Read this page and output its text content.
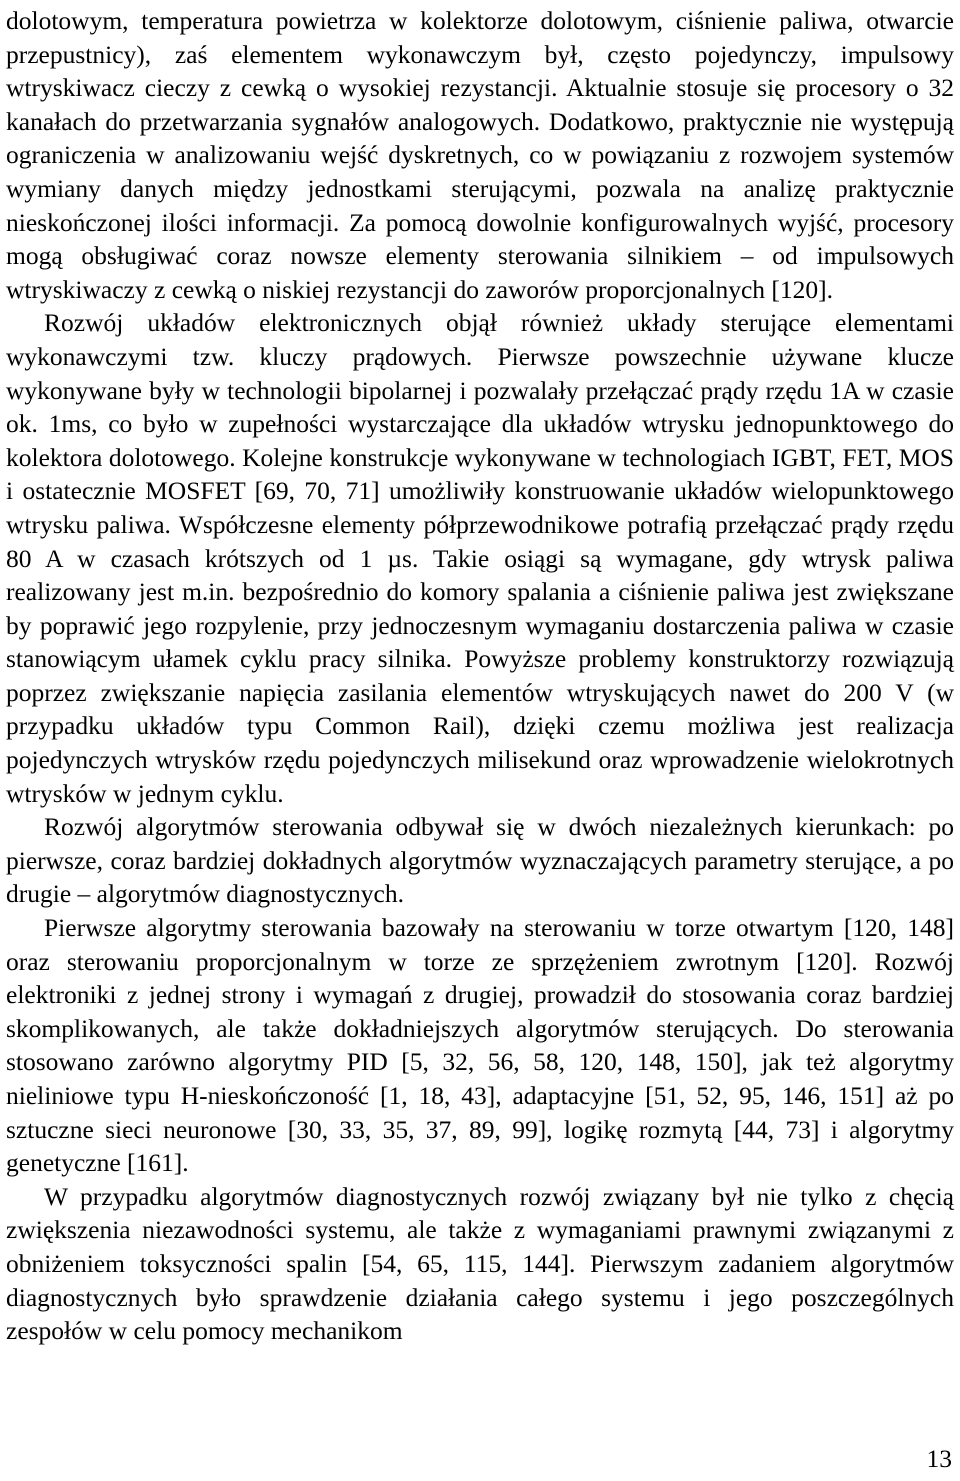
dolotowym, temperatura powietrza w kolektorze dolotowym, ciśnienie paliwa, otwarcie przepustnicy), zaś elementem wykonawczym był, często pojedynczy, impulsowy wtryskiwacz cieczy z cewką o wysokiej rezystancji. Aktualnie stosuje się procesory o 32 kanałach do przetwarzania sygnałów analogowych. Dodatkowo, praktycznie nie występują ograniczenia w analizowaniu wejść dyskretnych, co w powiązaniu z rozwojem systemów wymiany danych między jednostkami sterującymi, pozwala na analizę praktycznie nieskończonej ilości informacji. Za pomocą dowolnie konfigurowalnych wyjść, procesory mogą obsługiwać coraz nowsze elementy sterowania silnikiem – od impulsowych wtryskiwaczy z cewką o niskiej rezystancji do zaworów proporcjonalnych [120].

Rozwój układów elektronicznych objął również układy sterujące elementami wykonawczymi tzw. kluczy prądowych. Pierwsze powszechnie używane klucze wykonywane były w technologii bipolarnej i pozwalały przełączać prądy rzędu 1A w czasie ok. 1ms, co było w zupełności wystarczające dla układów wtrysku jednopunktowego do kolektora dolotowego. Kolejne konstrukcje wykonywane w technologiach IGBT, FET, MOS i ostatecznie MOSFET [69, 70, 71] umożliwiły konstruowanie układów wielopunktowego wtrysku paliwa. Współczesne elementy półprzewodnikowe potrafią przełączać prądy rzędu 80 A w czasach krótszych od 1 µs. Takie osiągi są wymagane, gdy wtrysk paliwa realizowany jest m.in. bezpośrednio do komory spalania a ciśnienie paliwa jest zwiększane by poprawić jego rozpylenie, przy jednoczesnym wymaganiu dostarczenia paliwa w czasie stanowiącym ułamek cyklu pracy silnika. Powyższe problemy konstruktorzy rozwiązują poprzez zwiększanie napięcia zasilania elementów wtryskujących nawet do 200 V (w przypadku układów typu Common Rail), dzięki czemu możliwa jest realizacja pojedynczych wtrysków rzędu pojedynczych milisekund oraz wprowadzenie wielokrotnych wtrysków w jednym cyklu.

Rozwój algorytmów sterowania odbywał się w dwóch niezależnych kierunkach: po pierwsze, coraz bardziej dokładnych algorytmów wyznaczających parametry sterujące, a po drugie – algorytmów diagnostycznych.

Pierwsze algorytmy sterowania bazowały na sterowaniu w torze otwartym [120, 148] oraz sterowaniu proporcjonalnym w torze ze sprzężeniem zwrotnym [120]. Rozwój elektroniki z jednej strony i wymagań z drugiej, prowadził do stosowania coraz bardziej skomplikowanych, ale także dokładniejszych algorytmów sterujących. Do sterowania stosowano zarówno algorytmy PID [5, 32, 56, 58, 120, 148, 150], jak też algorytmy nieliniowe typu H-nieskończoność [1, 18, 43], adaptacyjne [51, 52, 95, 146, 151] aż po sztuczne sieci neuronowe [30, 33, 35, 37, 89, 99], logikę rozmytą [44, 73] i algorytmy genetyczne [161].

W przypadku algorytmów diagnostycznych rozwój związany był nie tylko z chęcią zwiększenia niezawodności systemu, ale także z wymaganiami prawnymi związanymi z obniżeniem toksyczności spalin [54, 65, 115, 144]. Pierwszym zadaniem algorytmów diagnostycznych było sprawdzenie działania całego systemu i jego poszczególnych zespołów w celu pomocy mechanikom

13
